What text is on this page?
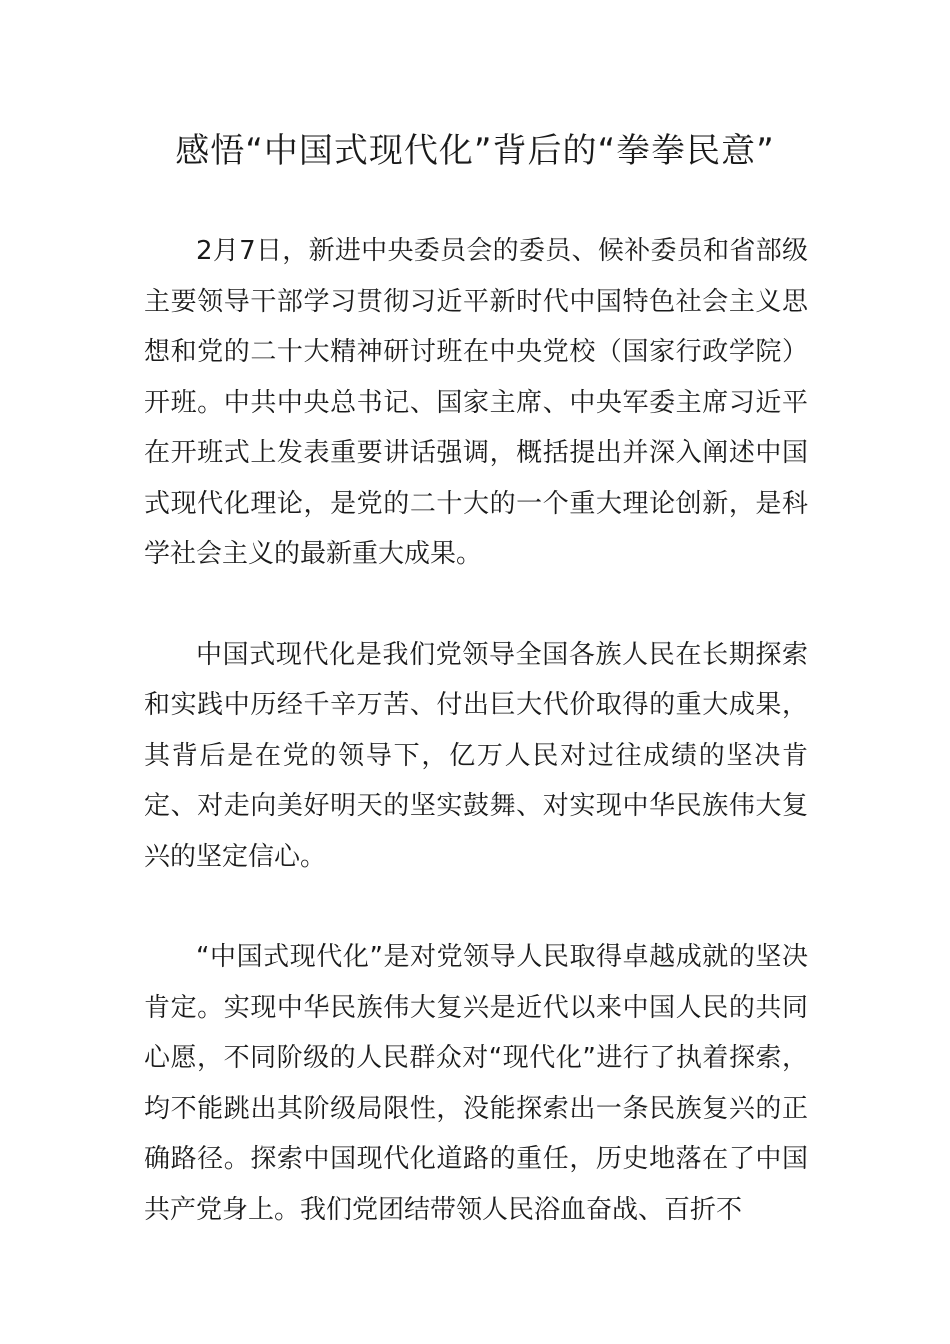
感悟“中国式现代化”背后的“拳拳民意”

2月7日，新进中央委员会的委员、候补委员和省部级主要领导干部学习贯彻习近平新时代中国特色社会主义思想和党的二十大精神研讨班在中央党校（国家行政学院）开班。中共中央总书记、国家主席、中央军委主席习近平在开班式上发表重要讲话强调，概括提出并深入阐述中国式现代化理论，是党的二十大的一个重大理论创新，是科学社会主义的最新重大成果。

中国式现代化是我们党领导全国各族人民在长期探索和实践中历经千辛万苦、付出巨大代价取得的重大成果，其背后是在党的领导下，亿万人民对过往成绩的坚决肯定、对走向美好明天的坚实鼓舞、对实现中华民族伟大复兴的坚定信心。

“中国式现代化”是对党领导人民取得卓越成就的坚决肯定。实现中华民族伟大复兴是近代以来中国人民的共同心愿，不同阶级的人民群众对“现代化”进行了执着探索，均不能跳出其阶级局限性，没能探索出一条民族复兴的正确路径。探索中国现代化道路的重任，历史地落在了中国共产党身上。我们党团结带领人民浴血奋战、百折不
